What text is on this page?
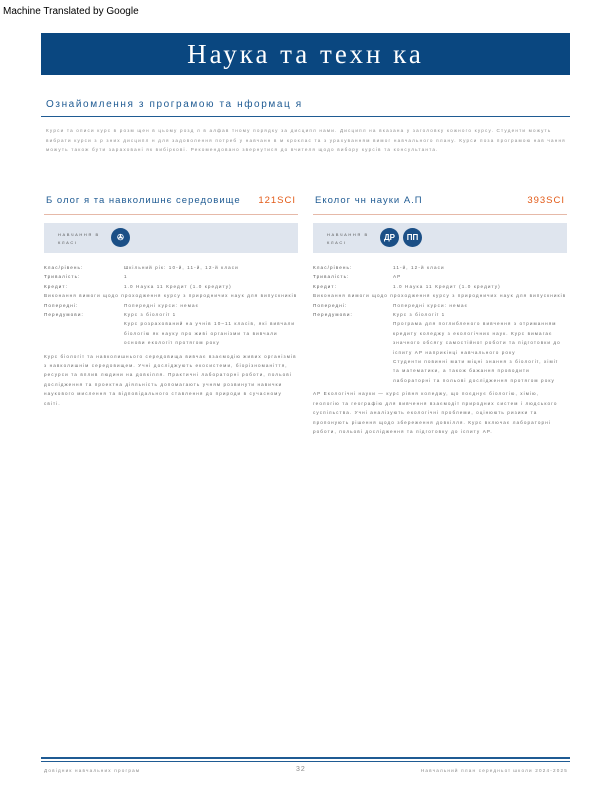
Machine Translated by Google
Наука та техн ка
Ознайомлення з програмою та нформац я
Курси та описи курс в розм щен в цьому розд л в алфав тному порядку за дисципл нами. Дисципл на вказана у заголовку кожного курсу. Студенти можуть вибрати курси з р зних дисципл н для задоволення потреб у навчанн в м кроклас та з урахуванням вимог навчального плану. Курси поза програмою нав чання можуть також бути зараховані як вибіркові. Рекомендовано звернутися до вчителя щодо вибору курсів та консультанта.
Б олог я та навколишнє середовище 121SCI
НАВЧАННЯ В КЛАСІ
✇
Клас/рівень:	Шкільний рік: 10-й, 11-й, 12-й класи
Тривалість:	1
Кредит:	1.0 Наука 11 Кредит (1.0 кредиту)
Виконання вимоги щодо проходження курсу з природничих наук для випускників
Попередні:	Попередні курси: немає
Передумови:	Курс з біології 1
Курс розрахований на учнів 10–11 класів, які вивчали біологію як науку про живі організми та вивчали основи екології протягом року
Курс біології та навколишнього середовища вивчає взаємодію живих організмів з навколишнім середовищем. Учні досліджують екосистеми, біорізноманіття, ресурси та вплив людини на довкілля. Практичні лабораторні роботи, польові дослідження та проектна діяльність допомагають учням розвинути навички наукового мислення та відповідального ставлення до природи в сучасному світі.
Еколог чн науки А.П	393SCI
НАВЧАННЯ В КЛАСІ
ДР	ПП
Клас/рівень:	11-й, 12-й класи
Тривалість:	AP
Кредит:	1.0 Наука 11 Кредит (1.0 кредиту)
Виконання вимоги щодо проходження курсу з природничих наук для випускників
Попередні:	Попередні курси: немає
Передумови:	Курс з біології 1
Програма для поглибленого вивчення з отриманням кредиту коледжу з екологічних наук. Курс вимагає значного обсягу самостійної роботи та підготовки до іспиту AP наприкінці навчального року
Студенти повинні мати міцні знання з біології, хімії та математики, а також бажання проводити лабораторні та польові дослідження протягом року
AP Екологічні науки — курс рівня коледжу, що поєднує біологію, хімію, геологію та географію для вивчення взаємодії природних систем і людського суспільства. Учні аналізують екологічні проблеми, оцінюють ризики та пропонують рішення щодо збереження довкілля. Курс включає лабораторні роботи, польові дослідження та підготовку до іспиту AP.
Довідник навчальних програм	32	Навчальний план середньої школи 2024-2025
